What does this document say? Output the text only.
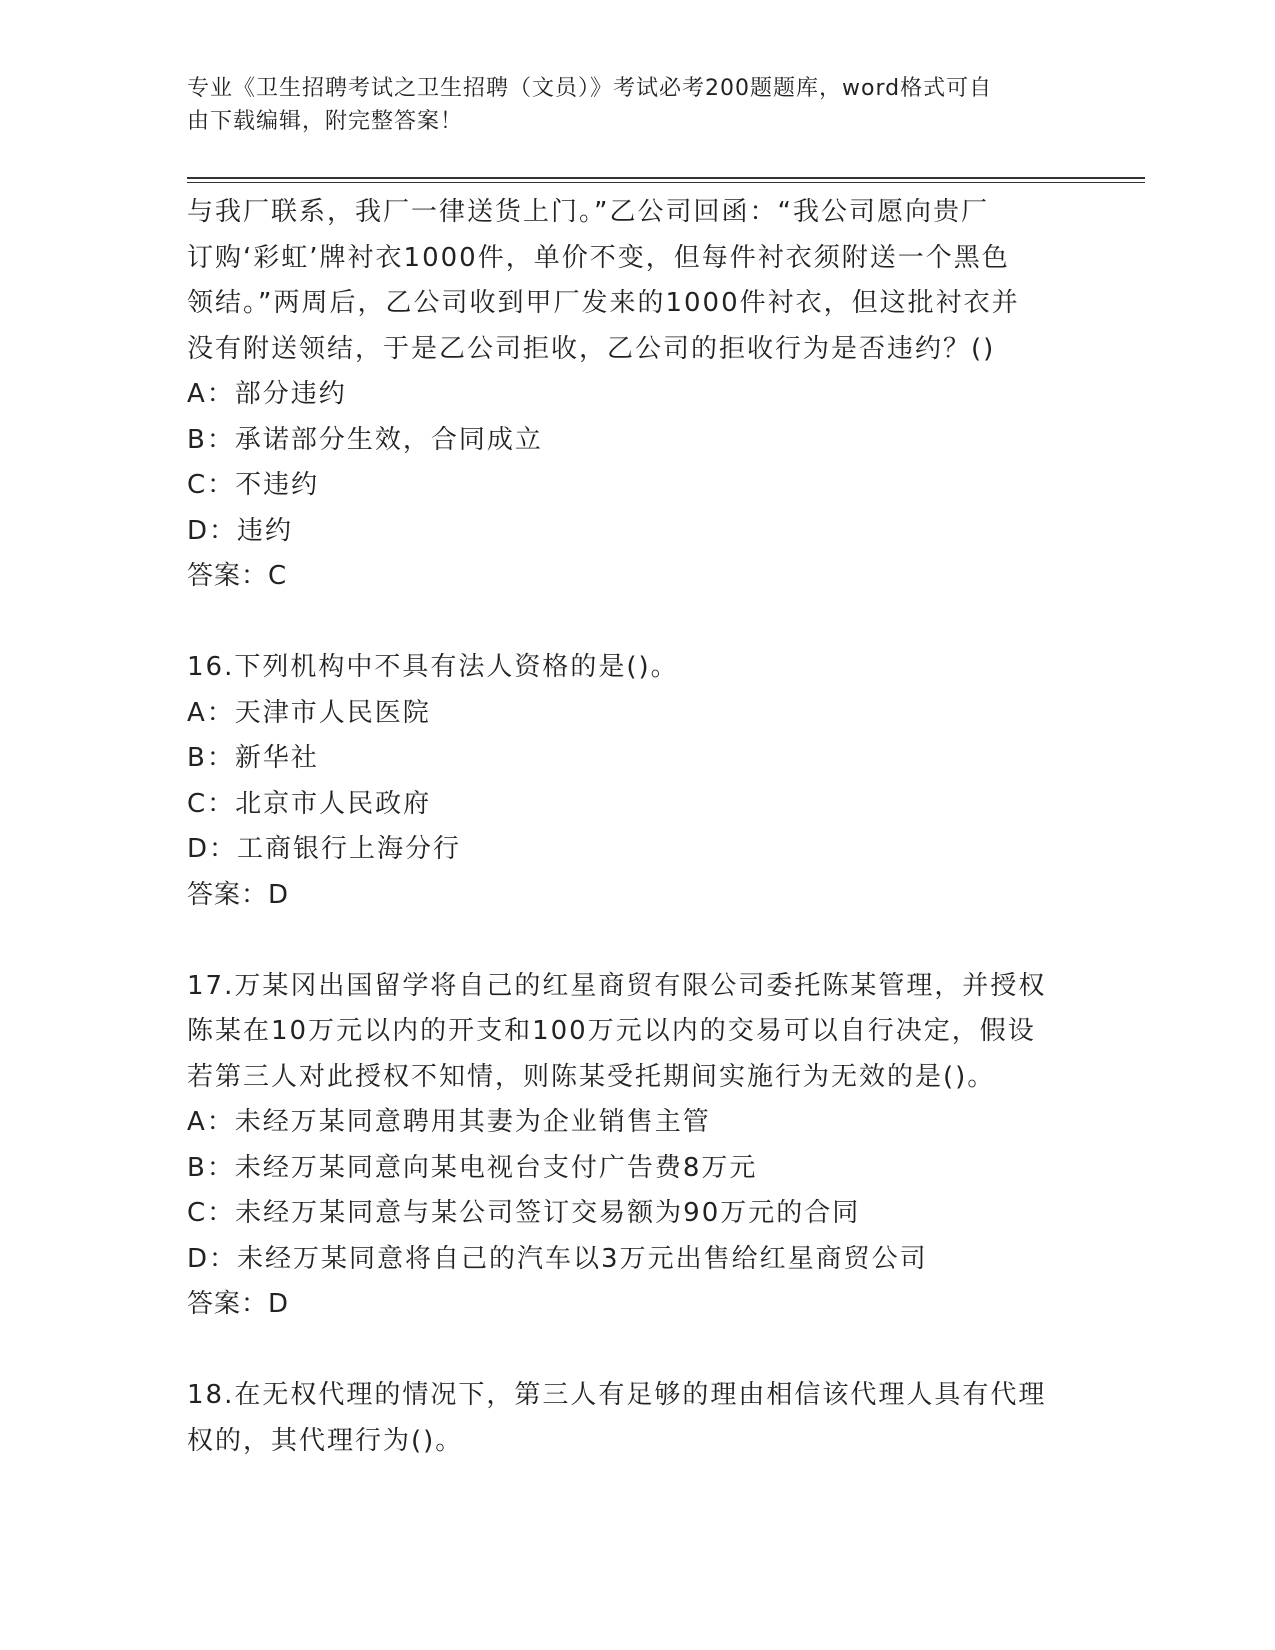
专业《卫生招聘考试之卫生招聘（文员）》考试必考200题题库，word格式可自
由下载编辑，附完整答案！
与我厂联系，我厂一律送货上门。”乙公司回函：“我公司愿向贵厂
订购‘彩虹’牌衬衣1000件，单价不变，但每件衬衣须附送一个黑色
领结。”两周后，乙公司收到甲厂发来的1000件衬衣，但这批衬衣并
没有附送领结，于是乙公司拒收，乙公司的拒收行为是否违约？()
A：部分违约
B：承诺部分生效，合同成立
C：不违约
D：违约
答案：C
16.下列机构中不具有法人资格的是()。
A：天津市人民医院
B：新华社
C：北京市人民政府
D：工商银行上海分行
答案：D
17.万某冈出国留学将自己的红星商贸有限公司委托陈某管理，并授权
陈某在10万元以内的开支和100万元以内的交易可以自行决定，假设
若第三人对此授权不知情，则陈某受托期间实施行为无效的是()。
A：未经万某同意聘用其妻为企业销售主管
B：未经万某同意向某电视台支付广告费8万元
C：未经万某同意与某公司签订交易额为90万元的合同
D：未经万某同意将自己的汽车以3万元出售给红星商贸公司
答案：D
18.在无权代理的情况下，第三人有足够的理由相信该代理人具有代理
权的，其代理行为()。
